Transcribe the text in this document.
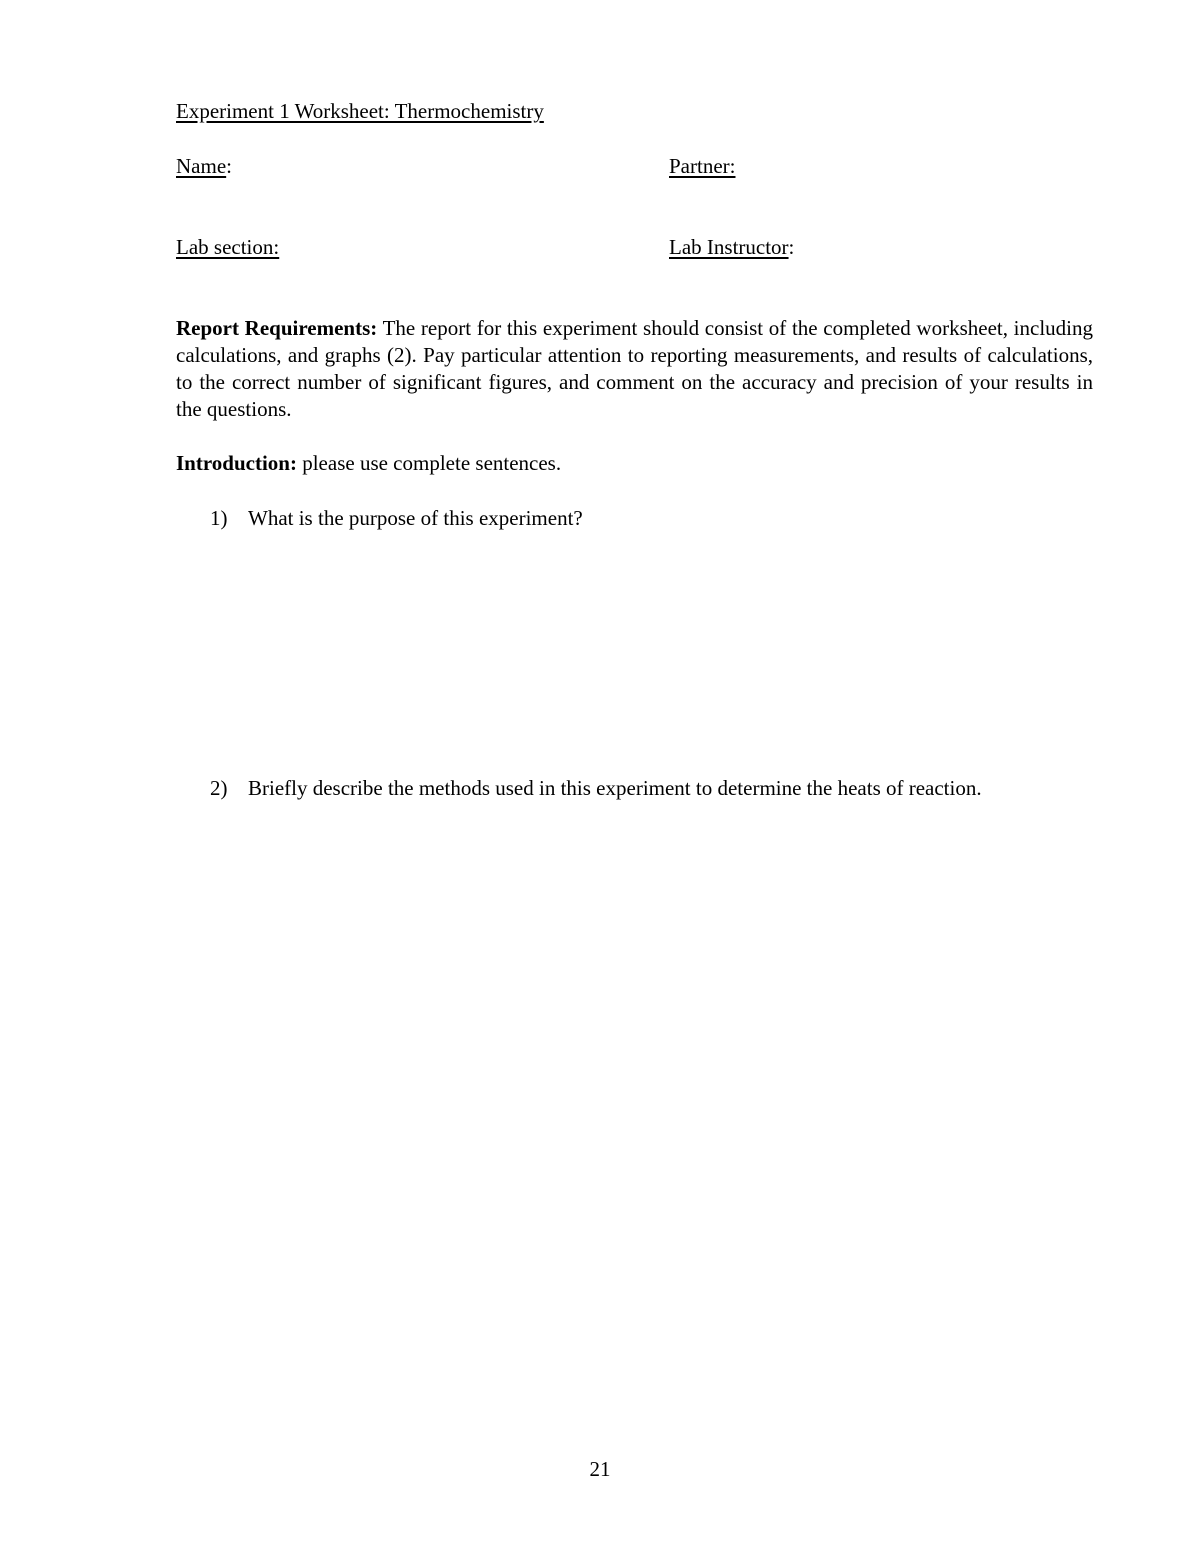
Experiment 1 Worksheet: Thermochemistry
Name:	Partner:
Lab section:	Lab Instructor:
Report Requirements: The report for this experiment should consist of the completed worksheet, including calculations, and graphs (2). Pay particular attention to reporting measurements, and results of calculations, to the correct number of significant figures, and comment on the accuracy and precision of your results in the questions.
Introduction: please use complete sentences.
1) What is the purpose of this experiment?
2) Briefly describe the methods used in this experiment to determine the heats of reaction.
21
